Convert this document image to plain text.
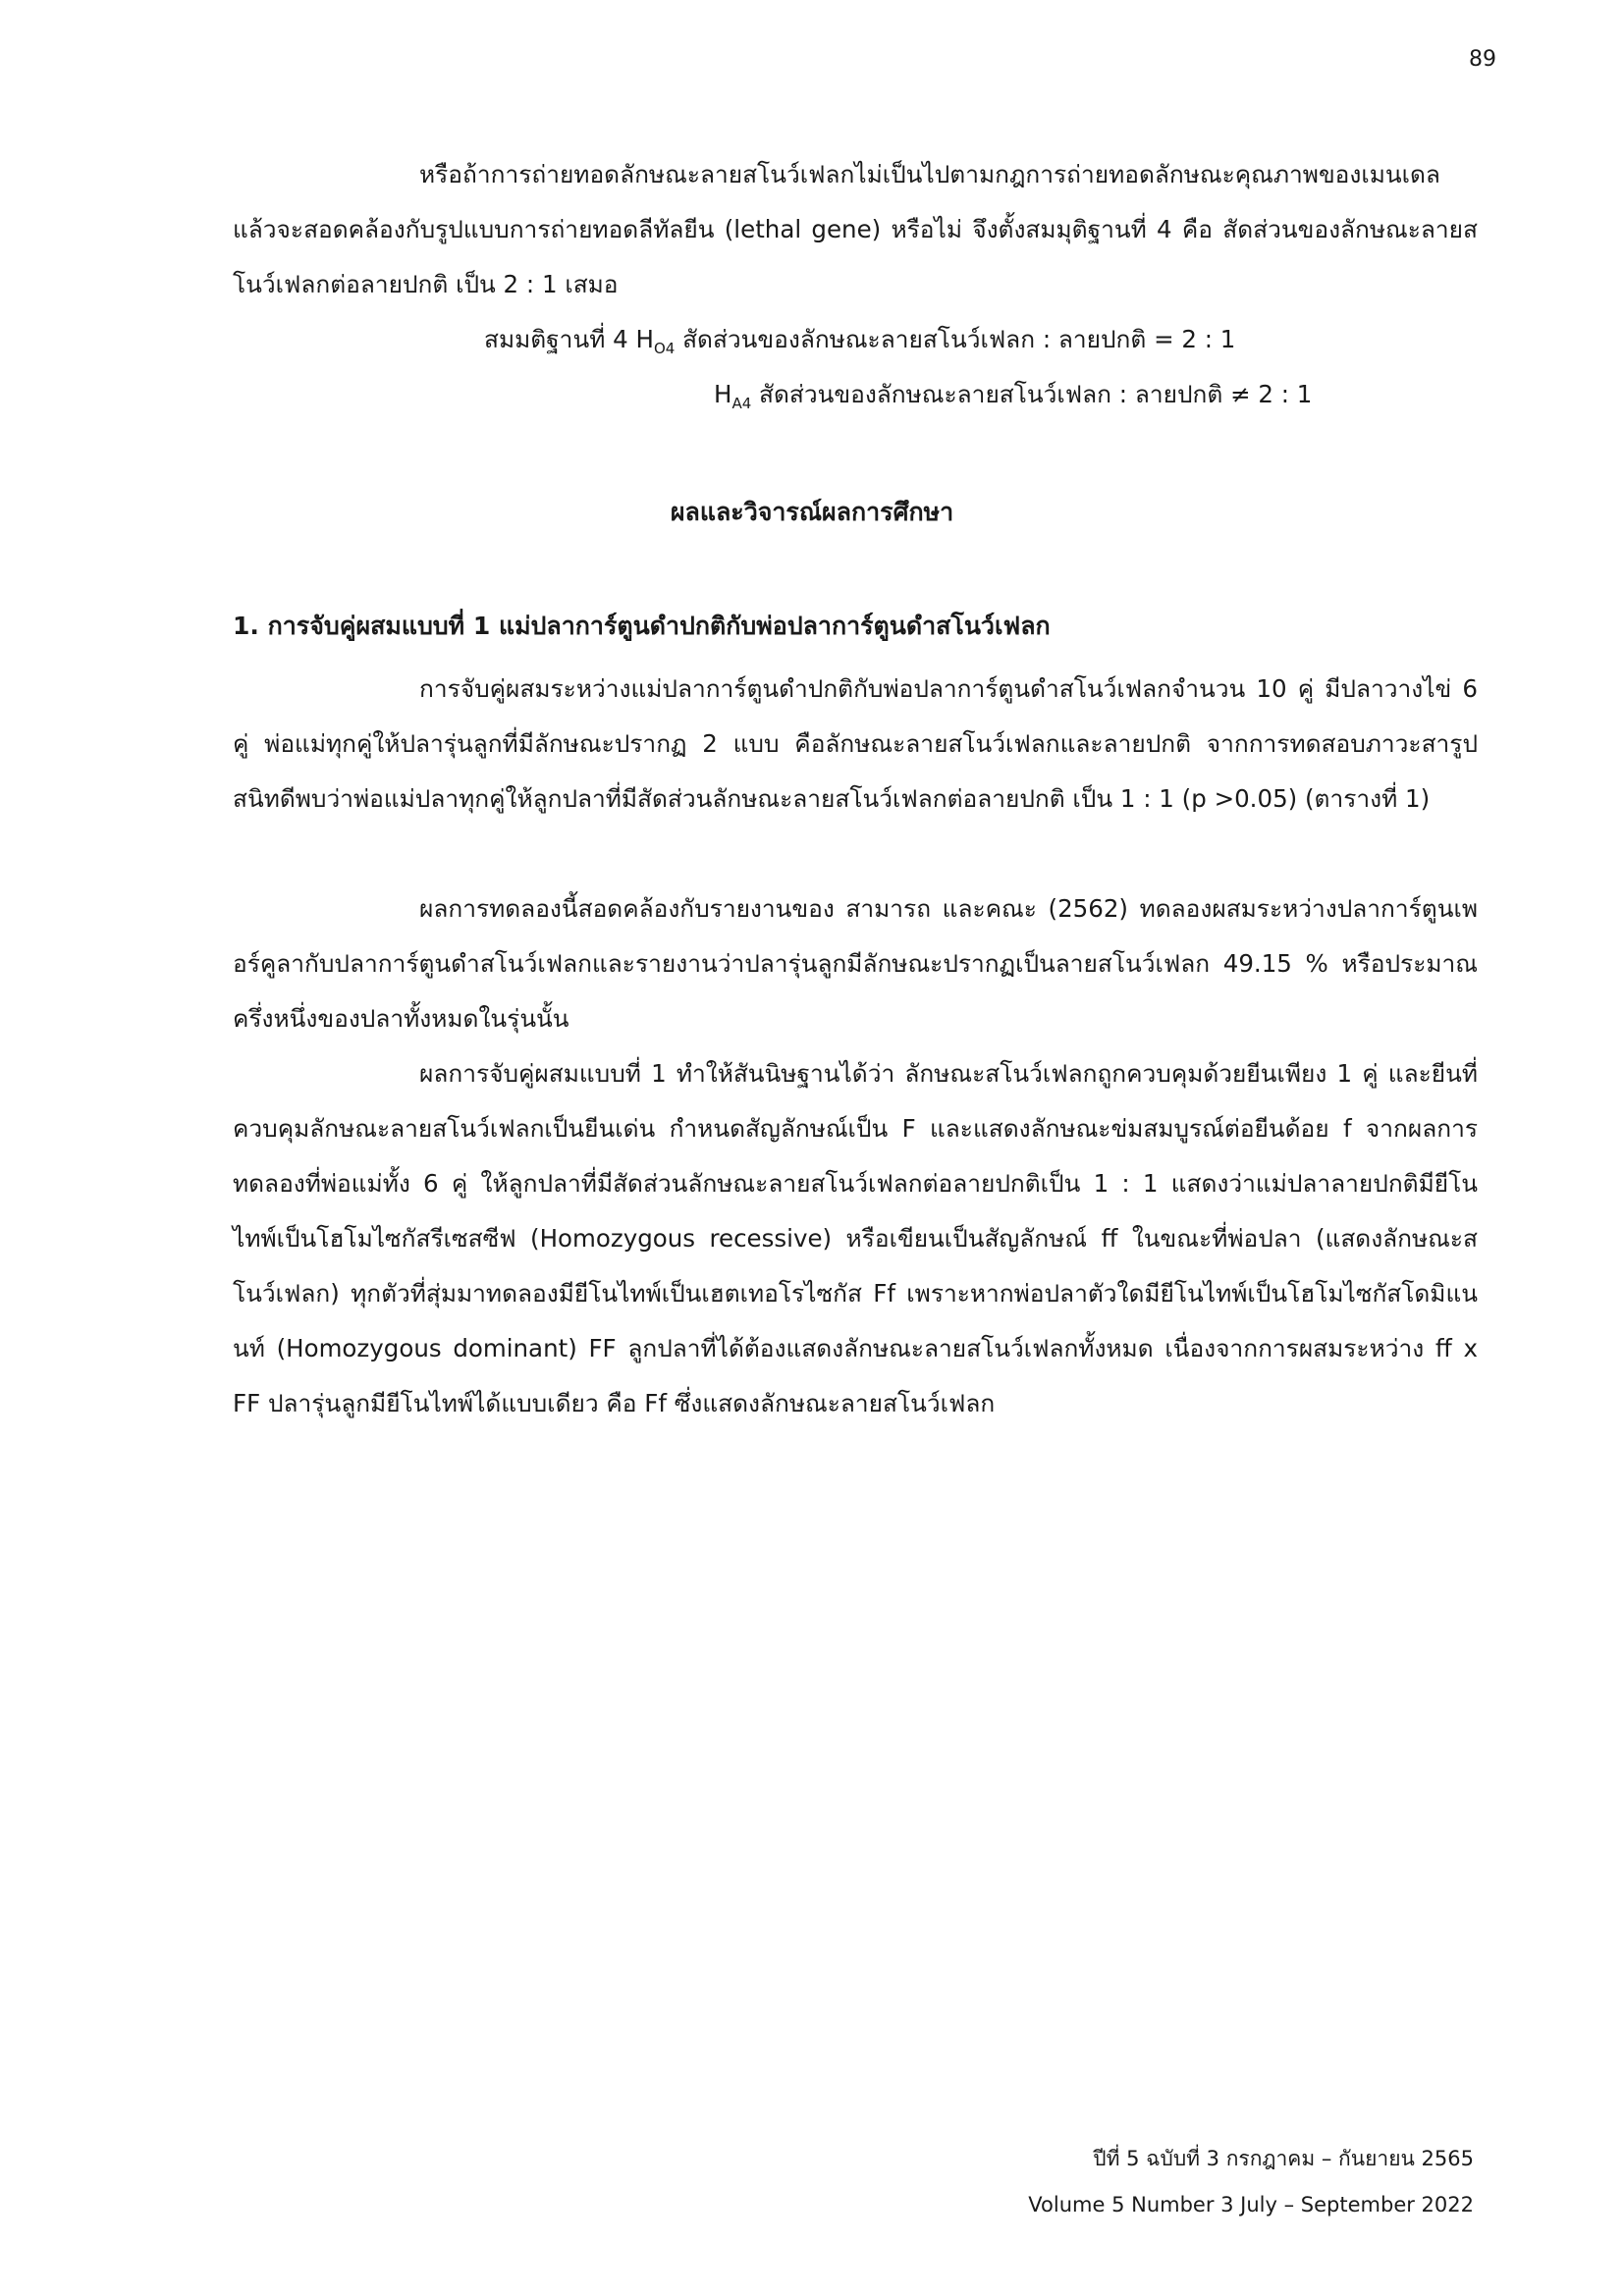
89

หรือถ้าการถ่ายทอดลักษณะลายสโนว์เฟลกไม่เป็นไปตามกฎการถ่ายทอดลักษณะคุณภาพของเมนเดลแล้วจะสอดคล้องกับรูปแบบการถ่ายทอดลีทัลยีน (lethal gene) หรือไม่ จึงตั้งสมมุติฐานที่ 4 คือ สัดส่วนของลักษณะลายสโนว์เฟลกต่อลายปกติ เป็น 2 : 1 เสมอ

สมมติฐานที่ 4 $H_{O4}$ สัดส่วนของลักษณะลายสโนว์เฟลก : ลายปกติ = 2 : 1

$H_{A4}$ สัดส่วนของลักษณะลายสโนว์เฟลก : ลายปกติ ≠ 2 : 1

ผลและวิจารณ์ผลการศึกษา
1. การจับคู่ผสมแบบที่ 1 แม่ปลาการ์ตูนดำปกติกับพ่อปลาการ์ตูนดำสโนว์เฟลก

การจับคู่ผสมระหว่างแม่ปลาการ์ตูนดำปกติกับพ่อปลาการ์ตูนดำสโนว์เฟลกจำนวน 10 คู่ มีปลาวางไข่ 6 คู่ พ่อแม่ทุกคู่ให้ปลารุ่นลูกที่มีลักษณะปรากฏ 2 แบบ คือลักษณะลายสโนว์เฟลกและลายปกติ จากการทดสอบภาวะสารูปสนิทดีพบว่าพ่อแม่ปลาทุกคู่ให้ลูกปลาที่มีสัดส่วนลักษณะลายสโนว์เฟลกต่อลายปกติ เป็น 1 : 1 (p >0.05) (ตารางที่ 1)

ผลการทดลองนี้สอดคล้องกับรายงานของ สามารถ และคณะ (2562) ทดลองผสมระหว่างปลาการ์ตูนเพอร์คูลากับปลาการ์ตูนดำสโนว์เฟลกและรายงานว่าปลารุ่นลูกมีลักษณะปรากฏเป็นลายสโนว์เฟลก 49.15 % หรือประมาณครึ่งหนึ่งของปลาทั้งหมดในรุ่นนั้น

ผลการจับคู่ผสมแบบที่ 1 ทำให้สันนิษฐานได้ว่า ลักษณะสโนว์เฟลกถูกควบคุมด้วยยีนเพียง 1 คู่ และยีนที่ควบคุมลักษณะลายสโนว์เฟลกเป็นยีนเด่น กำหนดสัญลักษณ์เป็น F และแสดงลักษณะข่มสมบูรณ์ต่อยีนด้อย f จากผลการทดลองที่พ่อแม่ทั้ง 6 คู่ ให้ลูกปลาที่มีสัดส่วนลักษณะลายสโนว์เฟลกต่อลายปกติเป็น 1 : 1 แสดงว่าแม่ปลาลายปกติมียีโนไทพ์เป็นโฮโมไซกัสรีเซสซีฟ (Homozygous recessive) หรือเขียนเป็นสัญลักษณ์ ff ในขณะที่พ่อปลา (แสดงลักษณะสโนว์เฟลก) ทุกตัวที่สุ่มมาทดลองมียีโนไทพ์เป็นเฮตเทอโรไซกัส Ff เพราะหากพ่อปลาตัวใดมียีโนไทพ์เป็นโฮโมไซกัสโดมิแนนท์ (Homozygous dominant) FF ลูกปลาที่ได้ต้องแสดงลักษณะลายสโนว์เฟลกทั้งหมด เนื่องจากการผสมระหว่าง ff x FF ปลารุ่นลูกมียีโนไทพ์ได้แบบเดียว คือ Ff ซึ่งแสดงลักษณะลายสโนว์เฟลก

ปีที่ 5 ฉบับที่ 3 กรกฎาคม – กันยายน 2565

Volume 5 Number 3 July – September 2022
